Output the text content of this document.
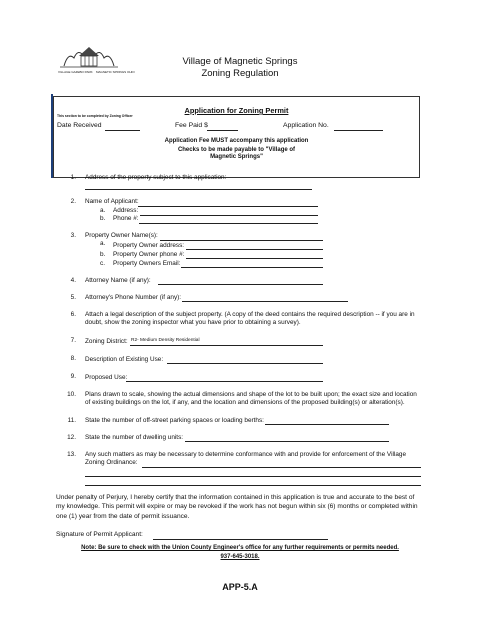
VILLAGE GAZEBO PARK MAGNETIC SPRINGS OHIO
Village of Magnetic Springs
Zoning Regulation
Application for Zoning Permit
This section to be completed by Zoning Officer
Date Received	Fee Paid $	Application No.
Application Fee MUST accompany this application
Checks to be made payable to "Village of
Magnetic Springs"
1. Address of the property subject to this application:
2. Name of Applicant:
a. Address:
b. Phone #:
3. Property Owner Name(s):
a. Property Owner address:
b. Property Owner phone #:
c. Property Owners Email:
4. Attorney Name (if any):
5. Attorney's Phone Number (if any):
6. Attach a legal description of the subject property. (A copy of the deed contains the required description -- if you are in doubt, show the zoning inspector what you have prior to obtaining a survey).
7. Zoning District: R2- Medium Density Residential
8. Description of Existing Use:
9. Proposed Use:
10. Plans drawn to scale, showing the actual dimensions and shape of the lot to be built upon; the exact size and location of existing buildings on the lot, if any, and the location and dimensions of the proposed building(s) or alteration(s).
11. State the number of off-street parking spaces or loading berths:
12. State the number of dwelling units:
13. Any such matters as may be necessary to determine conformance with and provide for enforcement of the Village
Zoning Ordinance:
Under penalty of Perjury, I hereby certify that the information contained in this application is true and accurate to the best of my knowledge. This permit will expire or may be revoked if the work has not begun within six (6) months or completed within one (1) year from the date of permit issuance.
Signature of Permit Applicant:
Note: Be sure to check with the Union County Engineer's office for any further requirements or permits needed.
937-645-3018.
APP-5.A
